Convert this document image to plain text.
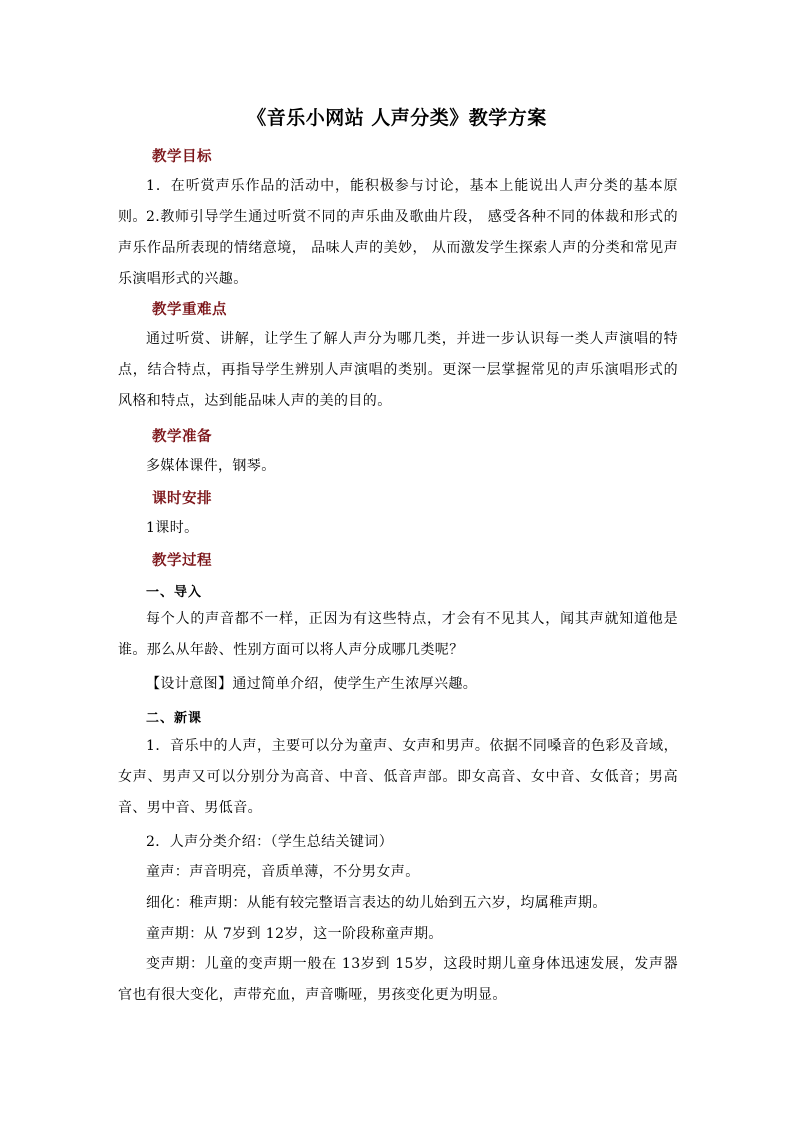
《音乐小网站 人声分类》教学方案
教学目标
1．在听赏声乐作品的活动中，能积极参与讨论，基本上能说出人声分类的基本原则。 2.教师引导学生通过听赏不同的声乐曲及歌曲片段， 感受各种不同的体裁和形式的声乐作品所表现的情绪意境， 品味人声的美妙， 从而激发学生探索人声的分类和常见声乐演唱形式的兴趣。
教学重难点
通过听赏、讲解，让学生了解人声分为哪几类，并进一步认识每一类人声演唱的特点，结合特点，再指导学生辨别人声演唱的类别。更深一层掌握常见的声乐演唱形式的风格和特点，达到能品味人声的美的目的。
教学准备
多媒体课件，钢琴。
课时安排
1课时。
教学过程
一、导入
每个人的声音都不一样，正因为有这些特点，才会有不见其人，闻其声就知道他是谁。那么从年龄、性别方面可以将人声分成哪几类呢？
【设计意图】通过简单介绍，使学生产生浓厚兴趣。
二、新课
1．音乐中的人声，主要可以分为童声、女声和男声。依据不同嗓音的色彩及音域，女声、男声又可以分别分为高音、中音、低音声部。即女高音、女中音、女低音；男高音、男中音、男低音。
2．人声分类介绍：（学生总结关键词）
童声：声音明亮，音质单薄，不分男女声。
细化：稚声期：从能有较完整语言表达的幼儿始到五六岁，均属稚声期。
童声期：从 7岁到 12岁，这一阶段称童声期。
变声期：儿童的变声期一般在 13岁到 15岁，这段时期儿童身体迅速发展，发声器官也有很大变化，声带充血，声音嘶哑，男孩变化更为明显。
